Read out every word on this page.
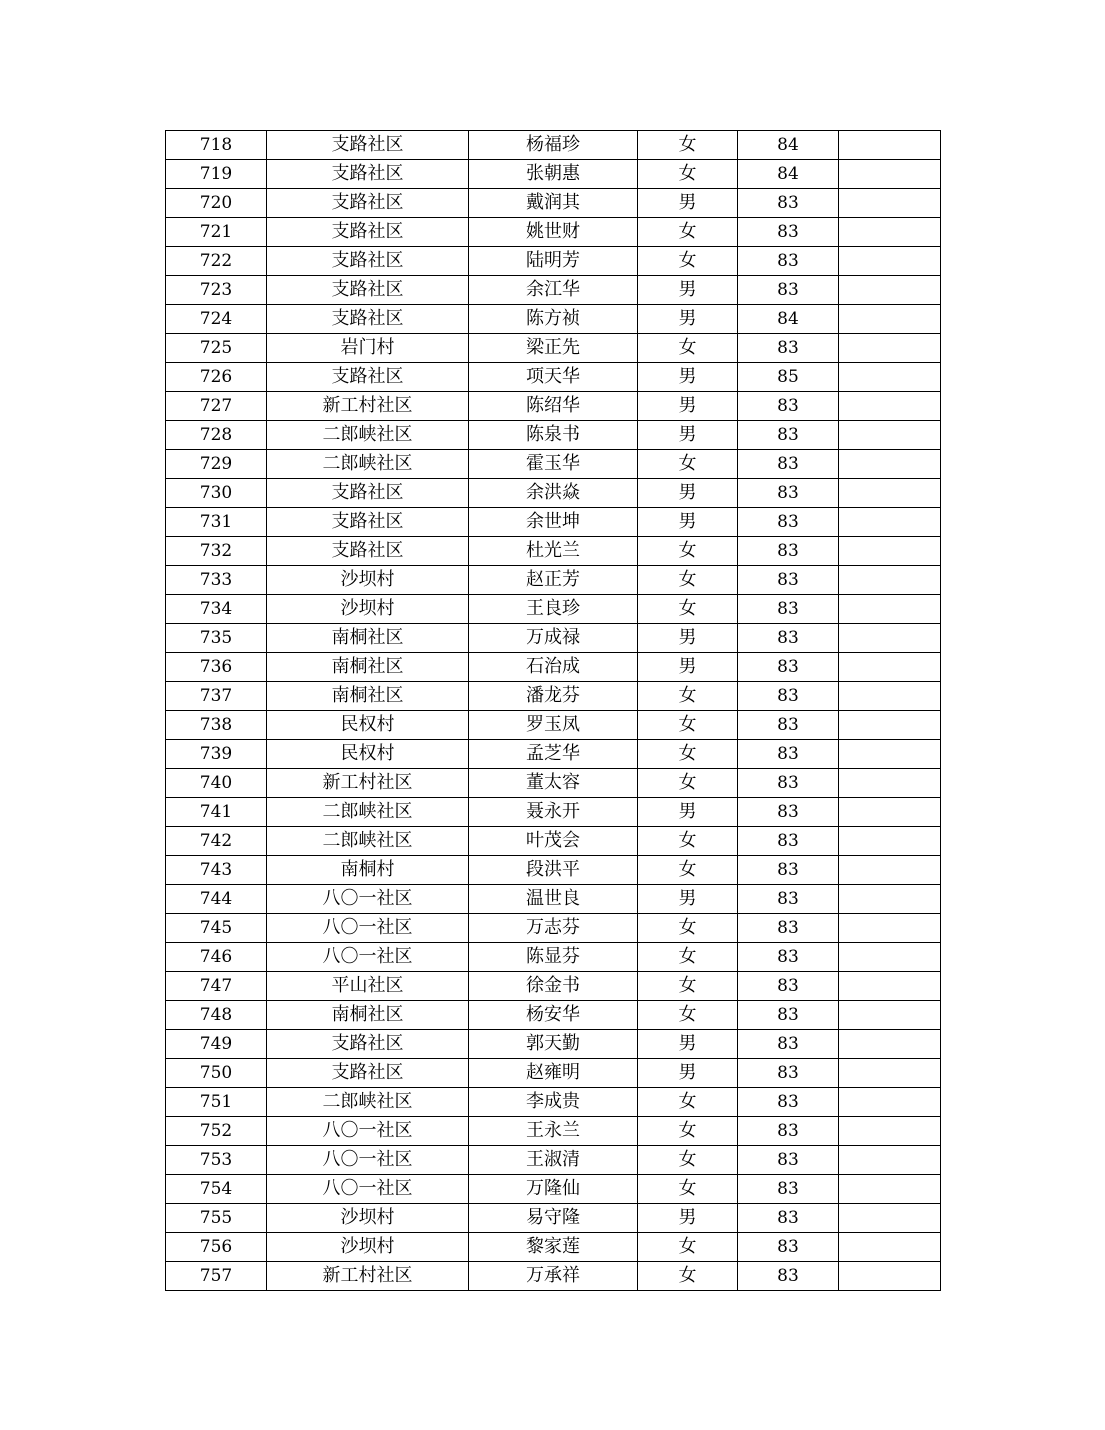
718	支路社区	杨福珍	女	84	
719	支路社区	张朝惠	女	84	
720	支路社区	戴润其	男	83	
721	支路社区	姚世财	女	83	
722	支路社区	陆明芳	女	83	
723	支路社区	余江华	男	83	
724	支路社区	陈方祯	男	84	
725	岩门村	梁正先	女	83	
726	支路社区	项天华	男	85	
727	新工村社区	陈绍华	男	83	
728	二郎峡社区	陈泉书	男	83	
729	二郎峡社区	霍玉华	女	83	
730	支路社区	余洪焱	男	83	
731	支路社区	余世坤	男	83	
732	支路社区	杜光兰	女	83	
733	沙坝村	赵正芳	女	83	
734	沙坝村	王良珍	女	83	
735	南桐社区	万成禄	男	83	
736	南桐社区	石治成	男	83	
737	南桐社区	潘龙芬	女	83	
738	民权村	罗玉凤	女	83	
739	民权村	孟芝华	女	83	
740	新工村社区	董太容	女	83	
741	二郎峡社区	聂永开	男	83	
742	二郎峡社区	叶茂会	女	83	
743	南桐村	段洪平	女	83	
744	八〇一社区	温世良	男	83	
745	八〇一社区	万志芬	女	83	
746	八〇一社区	陈显芬	女	83	
747	平山社区	徐金书	女	83	
748	南桐社区	杨安华	女	83	
749	支路社区	郭天勤	男	83	
750	支路社区	赵雍明	男	83	
751	二郎峡社区	李成贵	女	83	
752	八〇一社区	王永兰	女	83	
753	八〇一社区	王淑清	女	83	
754	八〇一社区	万隆仙	女	83	
755	沙坝村	易守隆	男	83	
756	沙坝村	黎家莲	女	83	
757	新工村社区	万承祥	女	83	
